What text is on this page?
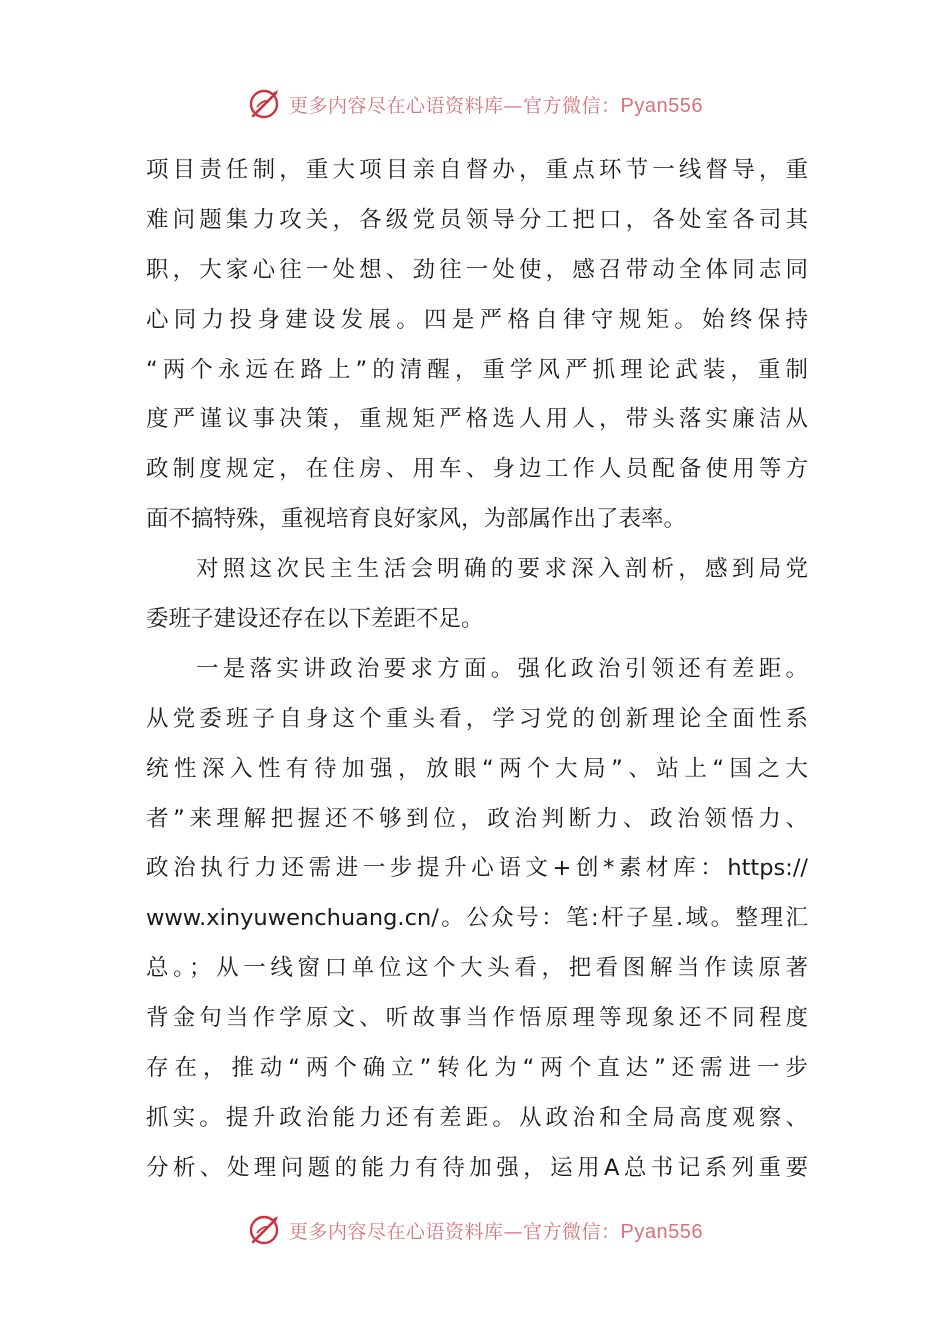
更多内容尽在心语资料库—官方微信：Pyan556
项目责任制，重大项目亲自督办，重点环节一线督导，重
难问题集力攻关，各级党员领导分工把口，各处室各司其
职，大家心往一处想、劲往一处使，感召带动全体同志同
心同力投身建设发展。四是严格自律守规矩。始终保持
“两个永远在路上”的清醒，重学风严抓理论武装，重制
度严谨议事决策，重规矩严格选人用人，带头落实廉洁从
政制度规定，在住房、用车、身边工作人员配备使用等方
面不搞特殊，重视培育良好家风，为部属作出了表率。
对照这次民主生活会明确的要求深入剖析，感到局党
委班子建设还存在以下差距不足。
一是落实讲政治要求方面。强化政治引领还有差距。
从党委班子自身这个重头看，学习党的创新理论全面性系
统性深入性有待加强，放眼“两个大局”、站上“国之大
者”来理解把握还不够到位，政治判断力、政治领悟力、
政治执行力还需进一步提升心语文+创*素材库：https://
www.xinyuwenchuang.cn/。公众号：笔:杆子星.域。整理汇
总。；从一线窗口单位这个大头看，把看图解当作读原著
背金句当作学原文、听故事当作悟原理等现象还不同程度
存在，推动“两个确立”转化为“两个直达”还需进一步
抓实。提升政治能力还有差距。从政治和全局高度观察、
分析、处理问题的能力有待加强，运用A总书记系列重要
更多内容尽在心语资料库—官方微信：Pyan556
